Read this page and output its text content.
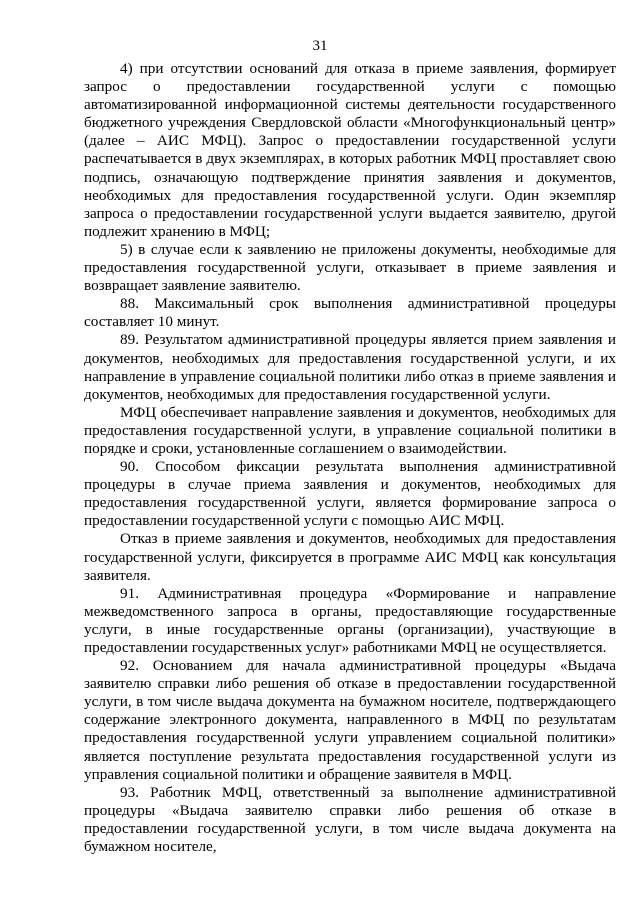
31

4) при отсутствии оснований для отказа в приеме заявления, формирует запрос о предоставлении государственной услуги с помощью автоматизированной информационной системы деятельности государственного бюджетного учреждения Свердловской области «Многофункциональный центр» (далее – АИС МФЦ). Запрос о предоставлении государственной услуги распечатывается в двух экземплярах, в которых работник МФЦ проставляет свою подпись, означающую подтверждение принятия заявления и документов, необходимых для предоставления государственной услуги. Один экземпляр запроса о предоставлении государственной услуги выдается заявителю, другой подлежит хранению в МФЦ;

5) в случае если к заявлению не приложены документы, необходимые для предоставления государственной услуги, отказывает в приеме заявления и возвращает заявление заявителю.

88. Максимальный срок выполнения административной процедуры составляет 10 минут.

89. Результатом административной процедуры является прием заявления и документов, необходимых для предоставления государственной услуги, и их направление в управление социальной политики либо отказ в приеме заявления и документов, необходимых для предоставления государственной услуги.

МФЦ обеспечивает направление заявления и документов, необходимых для предоставления государственной услуги, в управление социальной политики в порядке и сроки, установленные соглашением о взаимодействии.

90. Способом фиксации результата выполнения административной процедуры в случае приема заявления и документов, необходимых для предоставления государственной услуги, является формирование запроса о предоставлении государственной услуги с помощью АИС МФЦ.

Отказ в приеме заявления и документов, необходимых для предоставления государственной услуги, фиксируется в программе АИС МФЦ как консультация заявителя.

91. Административная процедура «Формирование и направление межведомственного запроса в органы, предоставляющие государственные услуги, в иные государственные органы (организации), участвующие в предоставлении государственных услуг» работниками МФЦ не осуществляется.

92. Основанием для начала административной процедуры «Выдача заявителю справки либо решения об отказе в предоставлении государственной услуги, в том числе выдача документа на бумажном носителе, подтверждающего содержание электронного документа, направленного в МФЦ по результатам предоставления государственной услуги управлением социальной политики» является поступление результата предоставления государственной услуги из управления социальной политики и обращение заявителя в МФЦ.

93. Работник МФЦ, ответственный за выполнение административной процедуры «Выдача заявителю справки либо решения об отказе в предоставлении государственной услуги, в том числе выдача документа на бумажном носителе,
